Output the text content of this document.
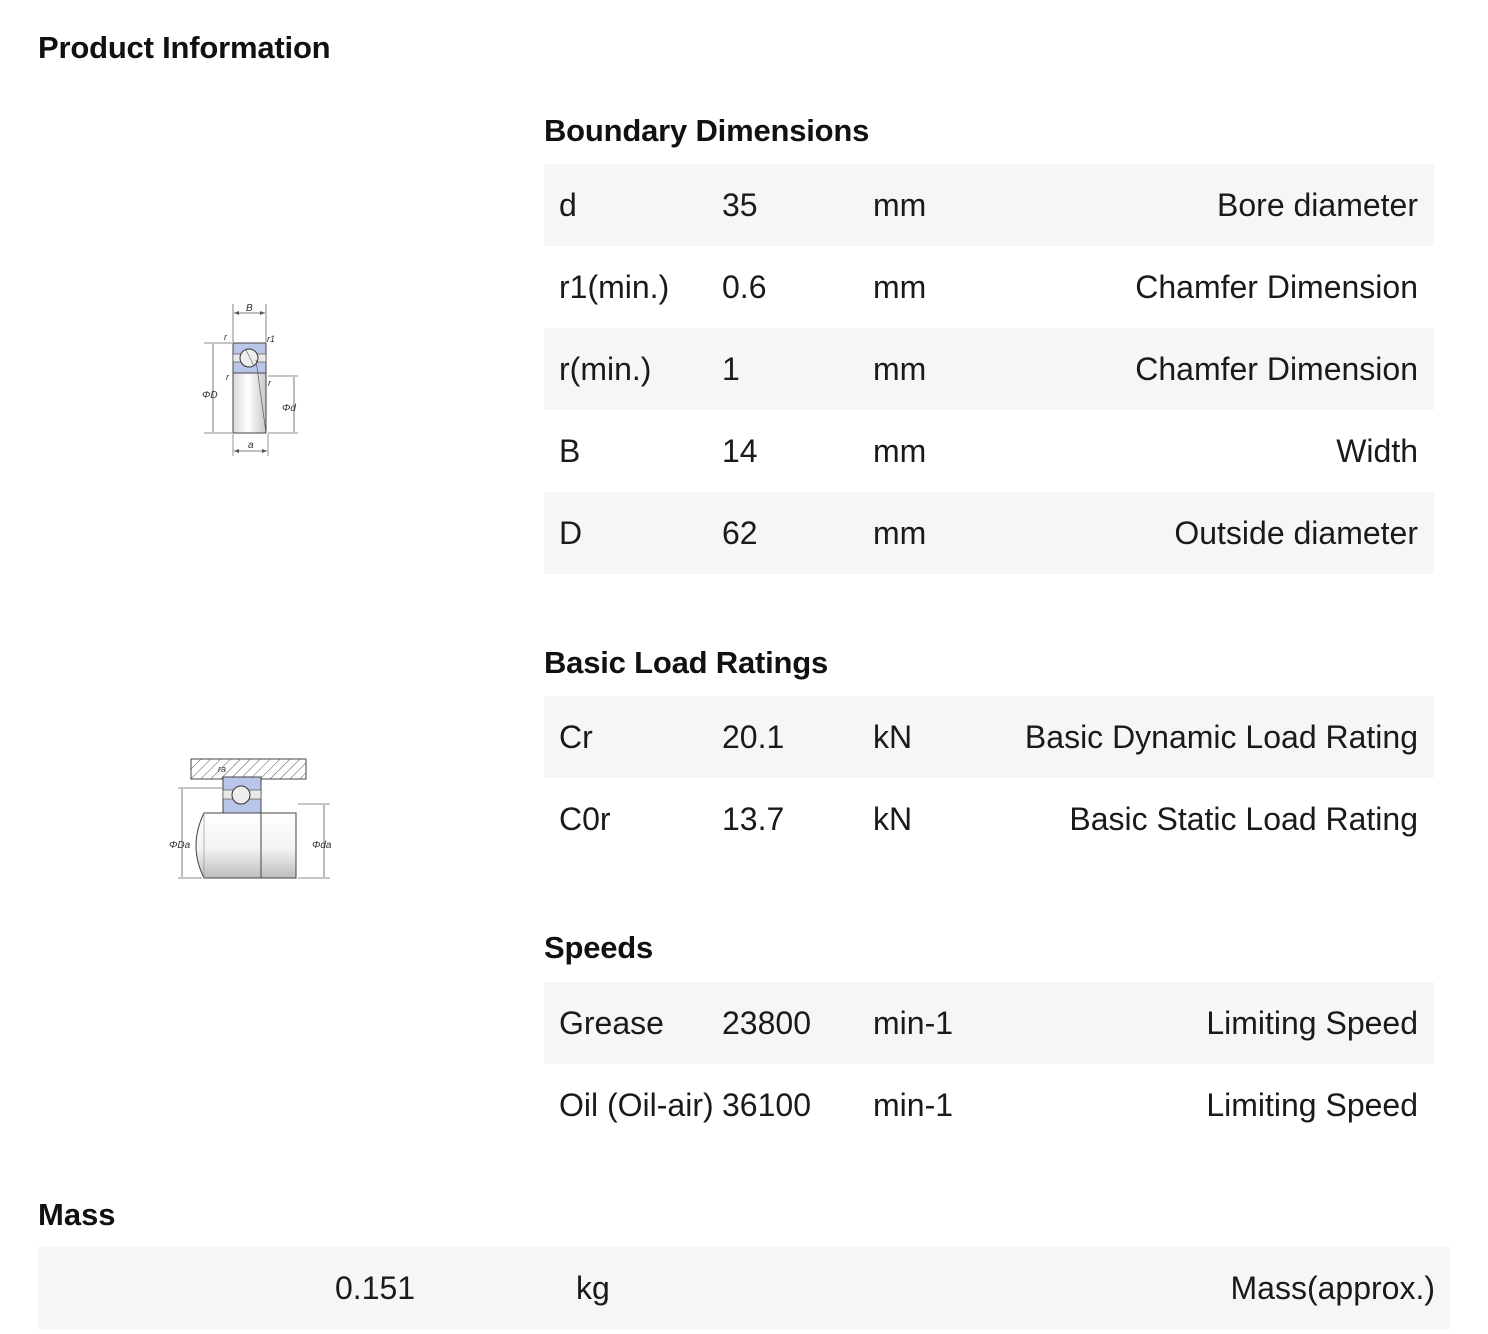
Product Information
B
r	r1
r
r
ΦD
Φd
a
ra
ΦDa	Φda
Boundary Dimensions
d	35	mm	Bore diameter
r1(min.)	0.6	mm	Chamfer Dimension
r(min.)	1	mm	Chamfer Dimension
B	14	mm	Width
D	62	mm	Outside diameter
Basic Load Ratings
Cr	20.1	kN	Basic Dynamic Load Rating
C0r	13.7	kN	Basic Static Load Rating
Speeds
Grease	23800	min-1	Limiting Speed
Oil (Oil-air)	36100	min-1	Limiting Speed
Mass
0.151	kg	Mass(approx.)
